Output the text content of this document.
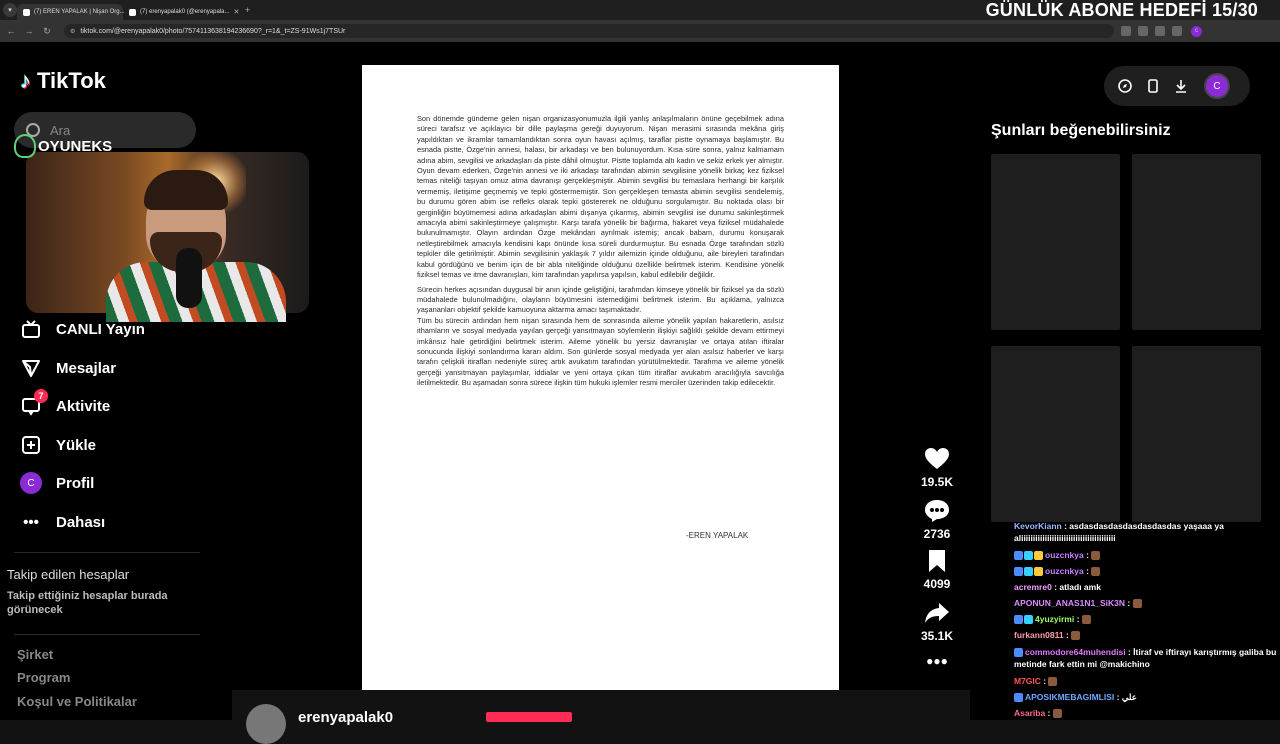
▾	(7) EREN YAPALAK | Nişan Org...	(7) erenyapalak0 (@erenyapala... ✕ +	GÜNLÜK ABONE HEDEFİ 15/30
← →	↻	⚙ tiktok.com/@erenyapalak0/photo/7574113638194236690?_r=1&_t=ZS-91Ws1j7TSUr	c
♪ TikTok
Ara
OYUNEKS
CANLI Yayın
Mesajlar
7
Aktivite
Yükle
C	Profil
••• Dahası
Takip edilen hesaplar
Takip ettiğiniz hesaplar burada görünecek
Şirket
Program
Koşul ve Politikalar

Son dönemde gündeme gelen nişan organizasyonumuzla ilgili yanlış anlaşılmaların önüne geçebilmek adına süreci tarafsız ve açıklayıcı bir dille paylaşma gereği duyuyorum. Nişan merasimi sırasında mekâna giriş yapıldıktan ve ikramlar tamamlandıktan sonra oyun havası açılmış, taraflar pistte oynamaya başlamıştır. Bu esnada pistte, Özge'nin annesi, halası, bir arkadaşı ve ben bulunuyordum. Kısa süre sonra, yalnız kalmamam adına abim, sevgilisi ve arkadaşları da piste dâhil olmuştur. Pistte toplamda altı kadın ve sekiz erkek yer almıştır. Oyun devam ederken, Özge'nin annesi ve iki arkadaşı tarafından abimin sevgilisine yönelik birkaç kez fiziksel temas niteliği taşıyan omuz atma davranışı gerçekleşmiştir. Abimin sevgilisi bu temaslara herhangi bir karşılık vermemiş, iletişime geçmemiş ve tepki göstermemiştir. Son gerçekleşen temasta abimin sevgilisi sendelemiş, bu durumu gören abim ise refleks olarak tepki göstererek ne olduğunu sorgulamıştır. Bu noktada olası bir gerginliğin büyümemesi adına arkadaşları abimi dışarıya çıkarmış, abimin sevgilisi ise durumu sakinleştirmek amacıyla abimi sakinleştirmeye çalışmıştır. Karşı tarafa yönelik bir bağırma, hakaret veya fiziksel müdahalede bulunulmamıştır. Olayın ardından Özge mekândan ayrılmak istemiş; ancak babam, durumu konuşarak netleştirebilmek amacıyla kendisini kapı önünde kısa süreli durdurmuştur. Bu esnada Özge tarafından sözlü tepkiler dile getirilmiştir. Abimin sevgilisinin yaklaşık 7 yıldır ailemizin içinde olduğunu, aile bireyleri tarafından kabul gördüğünü ve benim için de bir abla niteliğinde olduğunu özellikle belirtmek isterim. Kendisine yönelik fiziksel temas ve itme davranışları, kim tarafından yapılırsa yapılsın, kabul edilebilir değildir.

Sürecin herkes açısından duygusal bir anın içinde geliştiğini, tarafımdan kimseye yönelik bir fiziksel ya da sözlü müdahalede bulunulmadığını, olayların büyümesini istemediğimi belirtmek isterim. Bu açıklama, yalnızca yaşananları objektif şekilde kamuoyuna aktarma amacı taşımaktadır.

Tüm bu sürecin ardından hem nişan sırasında hem de sonrasında aileme yönelik yapılan hakaretlerin, asılsız ithamların ve sosyal medyada yayılan gerçeği yansıtmayan söylemlerin ilişkiyi sağlıklı şekilde devam ettirmeyi imkânsız hale getirdiğini belirtmek isterim. Aileme yönelik bu yersiz davranışlar ve ortaya atılan iftiralar sonucunda ilişkiyi sonlandırma kararı aldım. Son günlerde sosyal medyada yer alan asılsız haberler ve karşı tarafın çelişkili itirafları nedeniyle süreç artık avukatım tarafından yürütülmektedir. Tarafıma ve aileme yönelik gerçeği yansıtmayan paylaşımlar, iddialar ve yeni ortaya çıkan tüm itiraflar avukatım aracılığıyla savcılığa iletilmektedir. Bu aşamadan sonra sürece ilişkin tüm hukuki işlemler resmi merciler üzerinden takip edilecektir.

-EREN YAPALAK
erenyapalak0
19.5K
2736
4099
35.1K
●●●
C
Şunları beğenebilirsiniz
KevorKiann : asdasdasdasdasdasdasdas yaşaaa ya aliiiiiiiiiiiiiiiiiiiiiiiiiiiiiiiiiiiiiiii
ouzcnkya :
ouzcnkya :
acremre0 : atladı amk
APONUN_ANAS1N1_SiK3N :
4yuzyirmi :
furkann0811 :
commodore64muhendisi : İtiraf ve iftirayı karıştırmış galiba bu metinde fark ettin mi @makichino
M7GIC :
APOSIKMEBAGIMLISI : علي
Asariba :
